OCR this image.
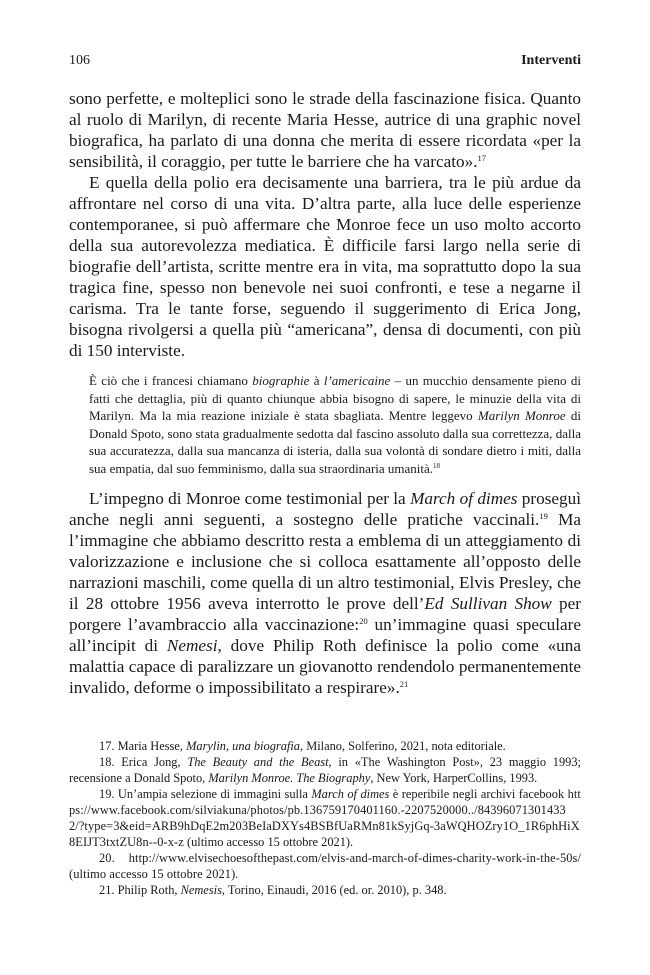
106	Interventi

sono perfette, e molteplici sono le strade della fascinazione fisica. Quanto al ruolo di Marilyn, di recente Maria Hesse, autrice di una graphic novel biografica, ha parlato di una donna che merita di essere ricordata «per la sensibilità, il coraggio, per tutte le barriere che ha varcato».$^{17}$

E quella della polio era decisamente una barriera, tra le più ardue da affrontare nel corso di una vita. D’altra parte, alla luce delle esperienze contemporanee, si può affermare che Monroe fece un uso molto accorto della sua autorevolezza mediatica. È difficile farsi largo nella serie di biografie dell’artista, scritte mentre era in vita, ma soprattutto dopo la sua tragica fine, spesso non benevole nei suoi confronti, e tese a negarne il carisma. Tra le tante forse, seguendo il suggerimento di Erica Jong, bisogna rivolgersi a quella più “americana”, densa di documenti, con più di 150 interviste.

È ciò che i francesi chiamano biographie à l’americaine – un mucchio densamente pieno di fatti che dettaglia, più di quanto chiunque abbia bisogno di sapere, le minuzie della vita di Marilyn. Ma la mia reazione iniziale è stata sbagliata. Mentre leggevo Marilyn Monroe di Donald Spoto, sono stata gradualmente sedotta dal fascino assoluto dalla sua correttezza, dalla sua accuratezza, dalla sua mancanza di isteria, dalla sua volontà di sondare dietro i miti, dalla sua empatia, dal suo femminismo, dalla sua straordinaria umanità.$^{18}$

L’impegno di Monroe come testimonial per la March of dimes proseguì anche negli anni seguenti, a sostegno delle pratiche vaccinali.$^{19}$ Ma l’immagine che abbiamo descritto resta a emblema di un atteggiamento di valorizzazione e inclusione che si colloca esattamente all’opposto delle narrazioni maschili, come quella di un altro testimonial, Elvis Presley, che il 28 ottobre 1956 aveva interrotto le prove dell’Ed Sullivan Show per porgere l’avambraccio alla vaccinazione:$^{20}$ un’immagine quasi speculare all’incipit di Nemesi, dove Philip Roth definisce la polio come «una malattia capace di paralizzare un giovanotto rendendolo permanentemente invalido, deforme o impossibilitato a respirare».$^{21}$

17. Maria Hesse, Marylin, una biografia, Milano, Solferino, 2021, nota editoriale.

18. Erica Jong, The Beauty and the Beast, in «The Washington Post», 23 maggio 1993; recensione a Donald Spoto, Marilyn Monroe. The Biography, New York, HarperCollins, 1993.

19. Un’ampia selezione di immagini sulla March of dimes è reperibile negli archivi facebook https://www.facebook.com/silviakuna/photos/pb.136759170401160.-2207520000../843960713014332/?type=3&eid=ARB9hDqE2m203BeIaDXYs4BSBfUaRMn81kSyjGq-3aWQHOZry1O_1R6phHiX8EIJT3txtZU8n--0-x-z (ultimo accesso 15 ottobre 2021).

20. http://www.elvisechoesofthepast.com/elvis-and-march-of-dimes-charity-work-in-the-50s/ (ultimo accesso 15 ottobre 2021).

21. Philip Roth, Nemesis, Torino, Einaudi, 2016 (ed. or. 2010), p. 348.
